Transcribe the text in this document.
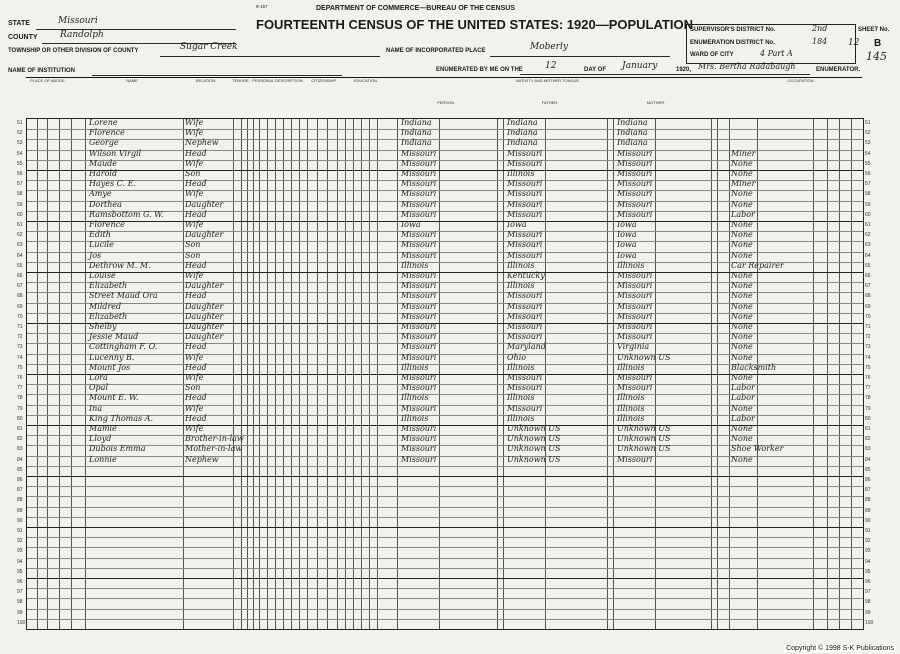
9-157	DEPARTMENT OF COMMERCE—BUREAU OF THE CENSUS
FOURTEENTH CENSUS OF THE UNITED STATES: 1920—POPULATION
STATE	Missouri
COUNTY Randolph
TOWNSHIP OR OTHER DIVISION OF COUNTY	Sugar Creek
NAME OF INSTITUTION
NAME OF INCORPORATED PLACE	Moberly
ENUMERATED BY ME ON THE 12	DAY OF January	1920, Mrs. Bertha Radabaugh	ENUMERATOR.
SUPERVISOR'S DISTRICT No.	2nd
ENUMERATION DISTRICT No.	184
WARD OF CITY	4 Part A
SHEET No.
12 B
145
PLACE OF ABODE.	NAME	RELATION.	TENURE. PERSONAL DESCRIPTION.	CITIZENSHIP.	EDUCATION.	NATIVITY AND MOTHER TONGUE.
PERSON.	FATHER.	MOTHER.
OCCUPATION.
51	51
Lorene	Wife	Indiana	Indiana	Indiana
52	52
Florence	Wife	Indiana	Indiana	Indiana
53	53
George	Nephew	Indiana	Indiana	Indiana
54	54
Wilson Virgil	Head	Missouri	Missouri	Missouri	Miner
55	55
Maude	Wife	Missouri	Missouri	Missouri	None
56	56
Harold	Son	Missouri	Illinois	Missouri	None
57	57
Hayes C. E.	Head	Missouri	Missouri	Missouri	Miner
58	58
Amye	Wife	Missouri	Missouri	Missouri	None
59	59
Dorthea	Daughter	Missouri	Missouri	Missouri	None
60	60
Ramsbottom G. W.	Head	Missouri	Missouri	Missouri	Labor
61	61
Florence	Wife	Iowa	Iowa	Iowa	None
62	62
Edith	Daughter	Missouri	Missouri	Iowa	None
63	63
Lucile	Son	Missouri	Missouri	Iowa	None
64	64
Jos	Son	Missouri	Missouri	Iowa	None
65	65
Dethrow M. M.	Head	Illinois	Illinois	Illinois	Car Repairer
66	66
Louise	Wife	Missouri	Kentucky	Missouri	None
67	67
Elizabeth	Daughter	Missouri	Illinois	Missouri	None
68	68
Street Maud Ora	Head	Missouri	Missouri	Missouri	None
69	69
Mildred	Daughter	Missouri	Missouri	Missouri	None
70	70
Elizabeth	Daughter	Missouri	Missouri	Missouri	None
71	71
Shelby	Daughter	Missouri	Missouri	Missouri	None
72	72
Jessie Maud	Daughter	Missouri	Missouri	Missouri	None
73	73
Cottingham F. O.	Head	Missouri	Maryland	Virginia	None
74	74
Lucenny B.	Wife	Missouri	Ohio	Unknown US	None
75	75
Mount Jos	Head	Illinois	Illinois	Illinois	Blacksmith
76	76
Lora	Wife	Missouri	Missouri	Missouri	None
77	77
Opal	Son	Missouri	Missouri	Missouri	Labor
78	78
Mount E. W.	Head	Illinois	Illinois	Illinois	Labor
79	79
Ina	Wife	Missouri	Missouri	Illinois	None
80	80
King Thomas A.	Head	Illinois	Illinois	Illinois	Labor
81	81
Mamie	Wife	Missouri	Unknown US	Unknown US	None
82	82
Lloyd	Brother-in-law	Missouri	Unknown US	Unknown US	None
83	83
Dubois Emma	Mother-in-law	Missouri	Unknown US	Unknown US	Shoe Worker
84	84
Lonnie	Nephew	Missouri	Unknown US	Missouri	None
85	85
86	86
87	87
88	88
89	89
90	90
91	91
92	92
93	93
94	94
95	95
96	96
97	97
98	98
99	99
100	100
Copyright © 1998 S-K Publications
